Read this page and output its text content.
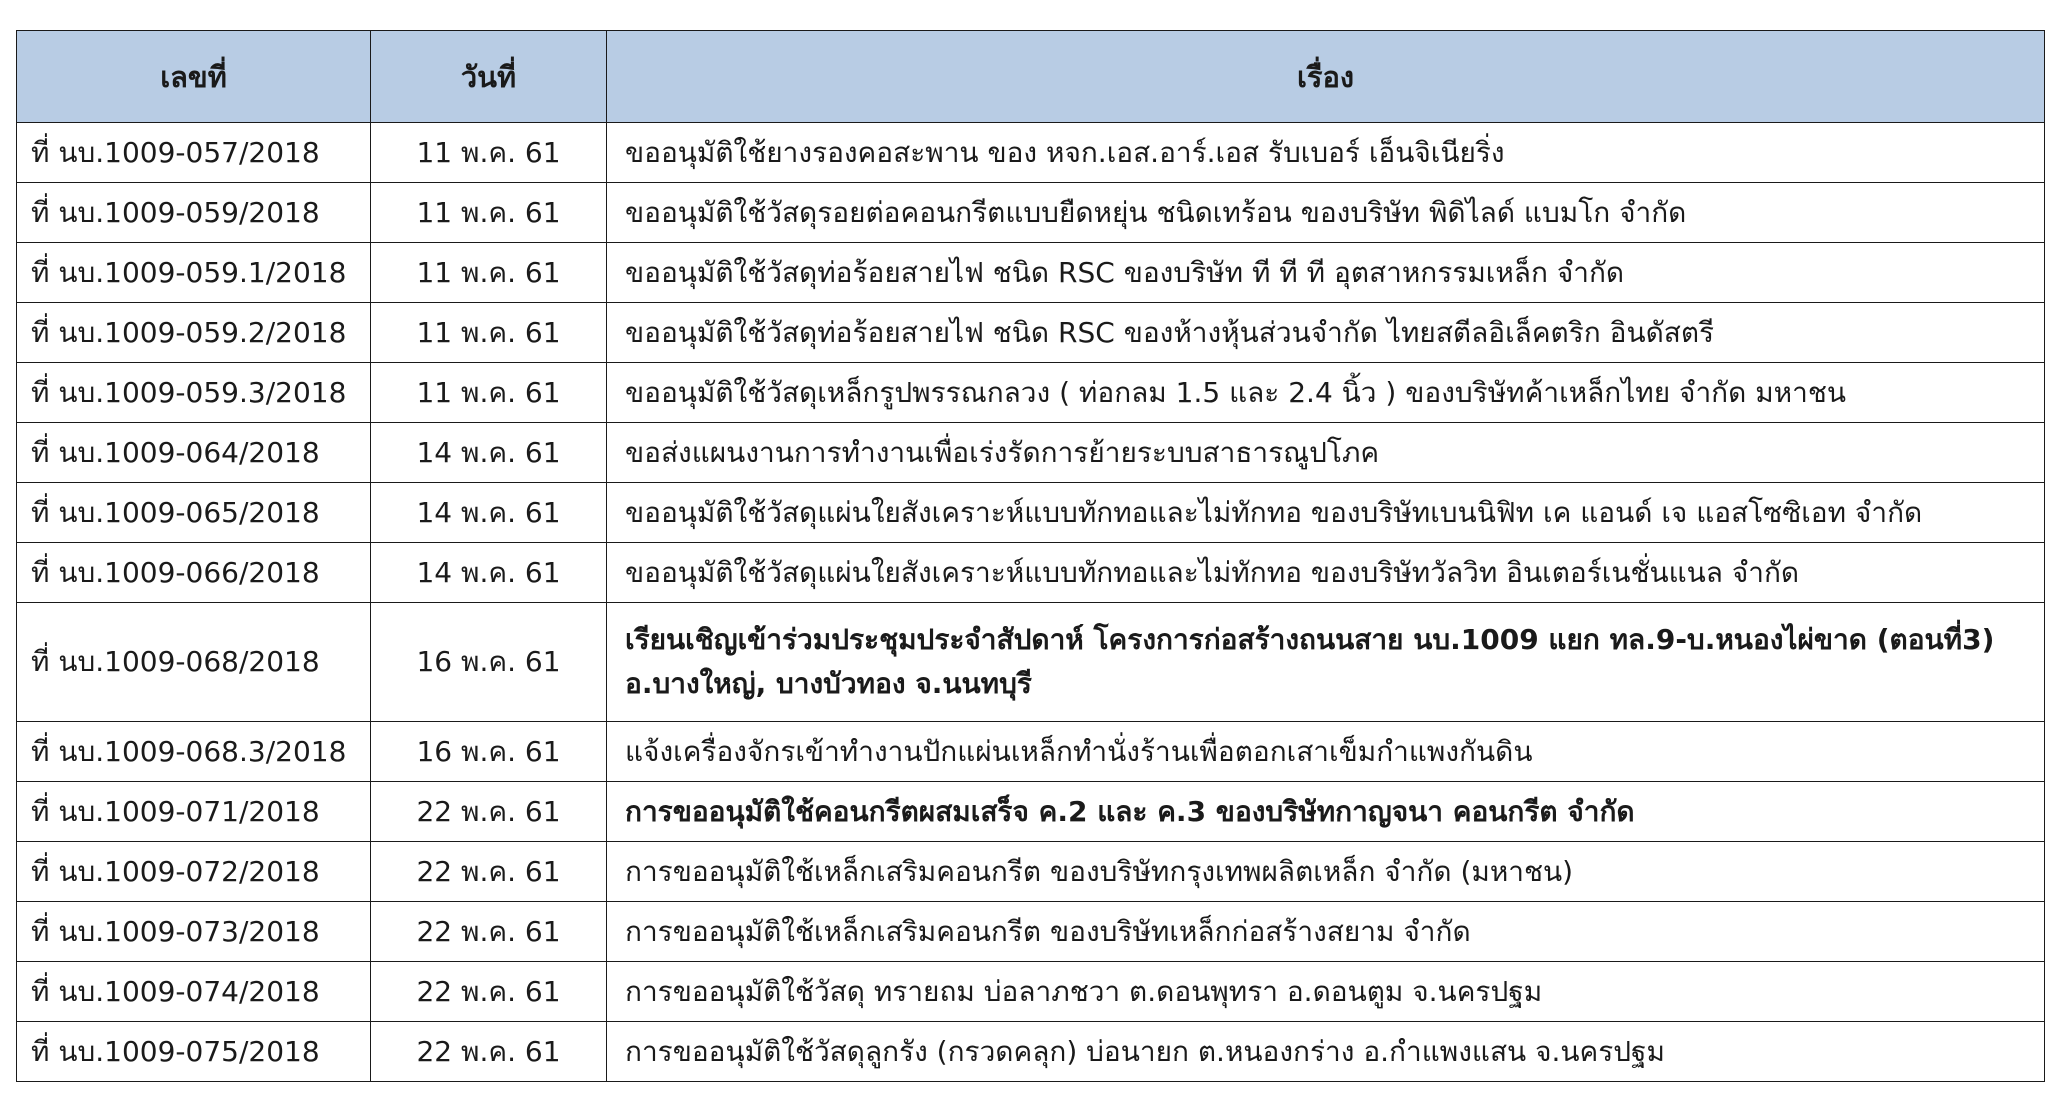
เลขที่	วันที่	เรื่อง
ที่ นบ.1009-057/2018	11 พ.ค. 61	ขออนุมัติใช้ยางรองคอสะพาน ของ หจก.เอส.อาร์.เอส รับเบอร์ เอ็นจิเนียริ่ง
ที่ นบ.1009-059/2018	11 พ.ค. 61	ขออนุมัติใช้วัสดุรอยต่อคอนกรีตแบบยืดหยุ่น ชนิดเทร้อน ของบริษัท พิดิไลด์ แบมโก จำกัด
ที่ นบ.1009-059.1/2018	11 พ.ค. 61	ขออนุมัติใช้วัสดุท่อร้อยสายไฟ ชนิด RSC ของบริษัท ที ที ที อุตสาหกรรมเหล็ก จำกัด
ที่ นบ.1009-059.2/2018	11 พ.ค. 61	ขออนุมัติใช้วัสดุท่อร้อยสายไฟ ชนิด RSC ของห้างหุ้นส่วนจำกัด ไทยสตีลอิเล็คตริก อินดัสตรี
ที่ นบ.1009-059.3/2018	11 พ.ค. 61	ขออนุมัติใช้วัสดุเหล็กรูปพรรณกลวง ( ท่อกลม 1.5 และ 2.4 นิ้ว ) ของบริษัทค้าเหล็กไทย จำกัด มหาชน
ที่ นบ.1009-064/2018	14 พ.ค. 61	ขอส่งแผนงานการทำงานเพื่อเร่งรัดการย้ายระบบสาธารณูปโภค
ที่ นบ.1009-065/2018	14 พ.ค. 61	ขออนุมัติใช้วัสดุแผ่นใยสังเคราะห์แบบทักทอและไม่ทักทอ ของบริษัทเบนนิฟิท เค แอนด์ เจ แอสโซซิเอท จำกัด
ที่ นบ.1009-066/2018	14 พ.ค. 61	ขออนุมัติใช้วัสดุแผ่นใยสังเคราะห์แบบทักทอและไม่ทักทอ ของบริษัทวัลวิท อินเตอร์เนชั่นแนล จำกัด
ที่ นบ.1009-068/2018	16 พ.ค. 61	เรียนเชิญเข้าร่วมประชุมประจำสัปดาห์ โครงการก่อสร้างถนนสาย นบ.1009 แยก ทล.9-บ.หนองไผ่ขาด (ตอนที่3) อ.บางใหญ่, บางบัวทอง จ.นนทบุรี
ที่ นบ.1009-068.3/2018	16 พ.ค. 61	แจ้งเครื่องจักรเข้าทำงานปักแผ่นเหล็กทำนั่งร้านเพื่อตอกเสาเข็มกำแพงกันดิน
ที่ นบ.1009-071/2018	22 พ.ค. 61	การขออนุมัติใช้คอนกรีตผสมเสร็จ ค.2 และ ค.3 ของบริษัทกาญจนา คอนกรีต จำกัด
ที่ นบ.1009-072/2018	22 พ.ค. 61	การขออนุมัติใช้เหล็กเสริมคอนกรีต ของบริษัทกรุงเทพผลิตเหล็ก จำกัด (มหาชน)
ที่ นบ.1009-073/2018	22 พ.ค. 61	การขออนุมัติใช้เหล็กเสริมคอนกรีต ของบริษัทเหล็กก่อสร้างสยาม จำกัด
ที่ นบ.1009-074/2018	22 พ.ค. 61	การขออนุมัติใช้วัสดุ ทรายถม บ่อลาภชวา ต.ดอนพุทรา อ.ดอนตูม จ.นครปฐม
ที่ นบ.1009-075/2018	22 พ.ค. 61	การขออนุมัติใช้วัสดุลูกรัง (กรวดคลุก) บ่อนายก ต.หนองกร่าง อ.กำแพงแสน จ.นครปฐม
